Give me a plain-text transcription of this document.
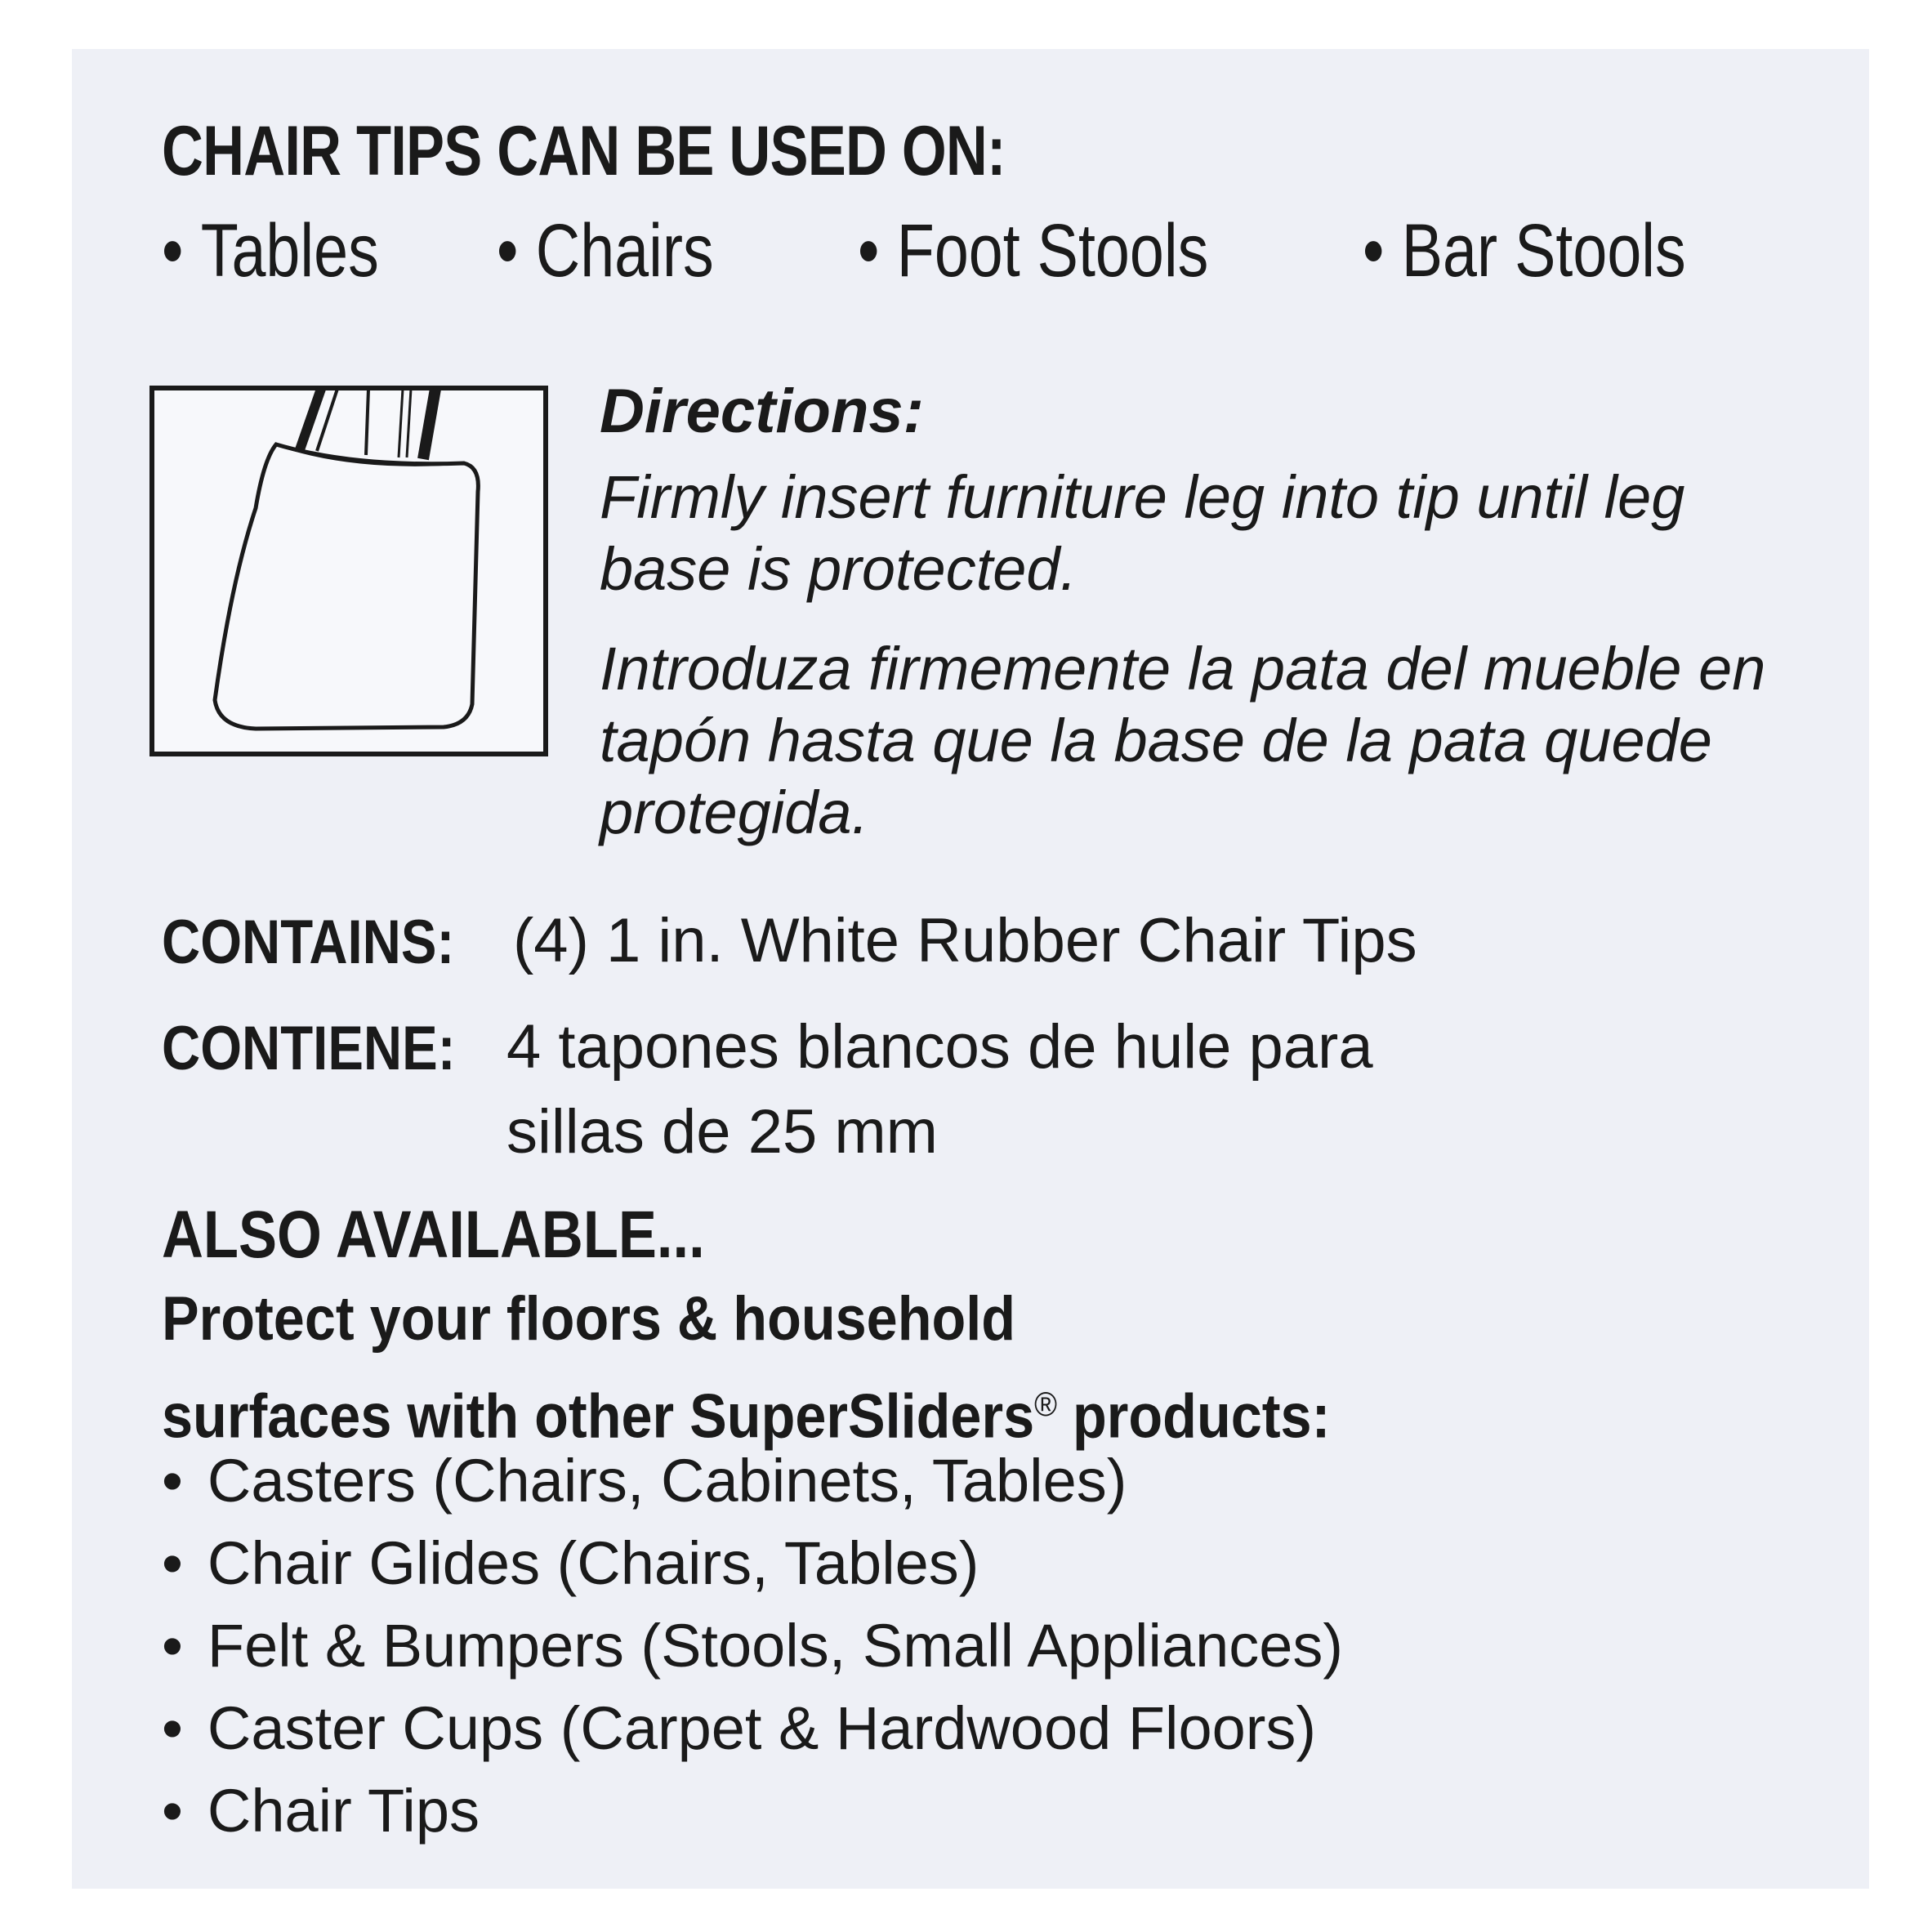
CHAIR TIPS CAN BE USED ON:
• Tables • Chairs • Foot Stools • Bar Stools
Directions:
Firmly insert furniture leg into tip until leg base is protected.
Introduza firmemente la pata del mueble en tapón hasta que la base de la pata quede protegida.
CONTAINS: (4) 1 in. White Rubber Chair Tips
CONTIENE: 4 tapones blancos de hule para
sillas de 25 mm
ALSO AVAILABLE...
Protect your floors & household
surfaces with other SuperSliders® products:
• Casters (Chairs, Cabinets, Tables)
• Chair Glides (Chairs, Tables)
• Felt & Bumpers (Stools, Small Appliances)
• Caster Cups (Carpet & Hardwood Floors)
• Chair Tips
